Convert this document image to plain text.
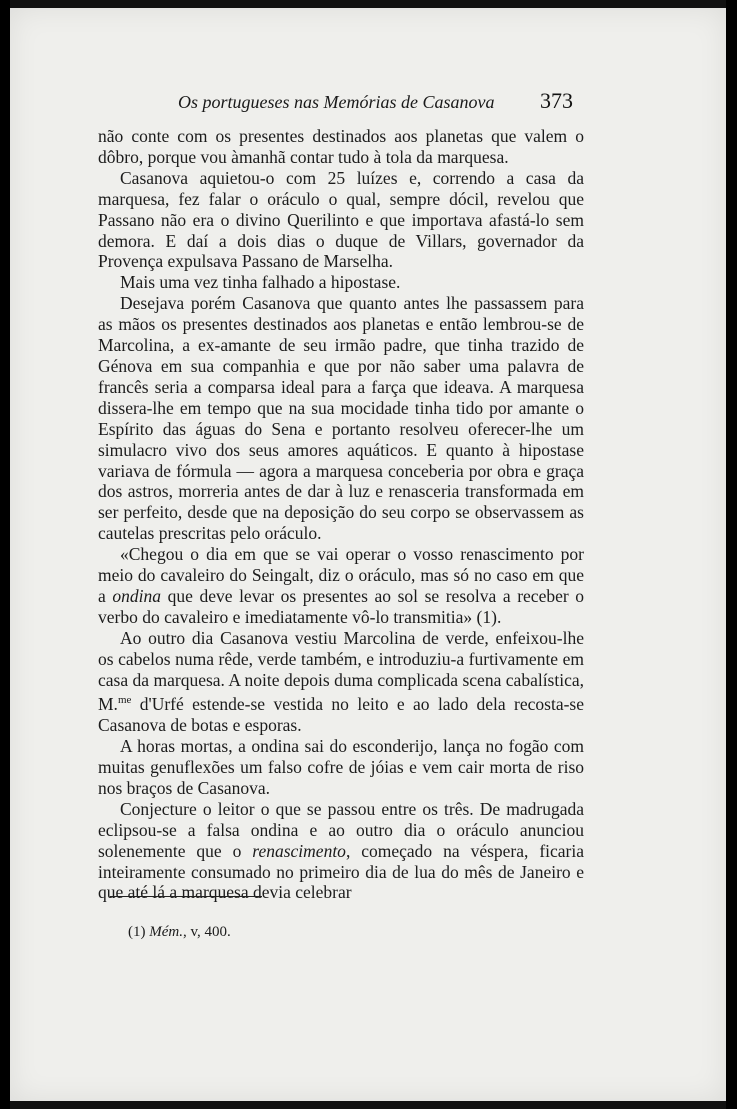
Os portugueses nas Memórias de Casanova 373

não conte com os presentes destinados aos planetas que valem o dôbro, porque vou àmanhã contar tudo à tola da marquesa.

Casanova aquietou-o com 25 luízes e, correndo a casa da marquesa, fez falar o oráculo o qual, sempre dócil, revelou que Passano não era o divino Querilinto e que importava afastá-lo sem demora. E daí a dois dias o duque de Villars, governador da Provença expulsava Passano de Marselha.

Mais uma vez tinha falhado a hipostase.

Desejava porém Casanova que quanto antes lhe passassem para as mãos os presentes destinados aos planetas e então lembrou-se de Marcolina, a ex-amante de seu irmão padre, que tinha trazido de Génova em sua companhia e que por não saber uma palavra de francês seria a comparsa ideal para a farça que ideava. A marquesa dissera-lhe em tempo que na sua mocidade tinha tido por amante o Espírito das águas do Sena e portanto resolveu oferecer-lhe um simulacro vivo dos seus amores aquáticos. E quanto à hipostase variava de fórmula — agora a marquesa conceberia por obra e graça dos astros, morreria antes de dar à luz e renasceria transformada em ser perfeito, desde que na deposição do seu corpo se observassem as cautelas prescritas pelo oráculo.

«Chegou o dia em que se vai operar o vosso renascimento por meio do cavaleiro do Seingalt, diz o oráculo, mas só no caso em que a ondina que deve levar os presentes ao sol se resolva a receber o verbo do cavaleiro e imediatamente vô-lo transmitia» (1).

Ao outro dia Casanova vestiu Marcolina de verde, enfeixou-lhe os cabelos numa rêde, verde também, e introduziu-a furtivamente em casa da marquesa. A noite depois duma complicada scena cabalística, M.$^{me}$ d'Urfé estende-se vestida no leito e ao lado dela recosta-se Casanova de botas e esporas.

A horas mortas, a ondina sai do esconderijo, lança no fogão com muitas genuflexões um falso cofre de jóias e vem cair morta de riso nos braços de Casanova.

Conjecture o leitor o que se passou entre os três. De madrugada eclipsou-se a falsa ondina e ao outro dia o oráculo anunciou solenemente que o renascimento, começado na véspera, ficaria inteiramente consumado no primeiro dia de lua do mês de Janeiro e que até lá a marquesa devia celebrar

(1) Mém., v, 400.
